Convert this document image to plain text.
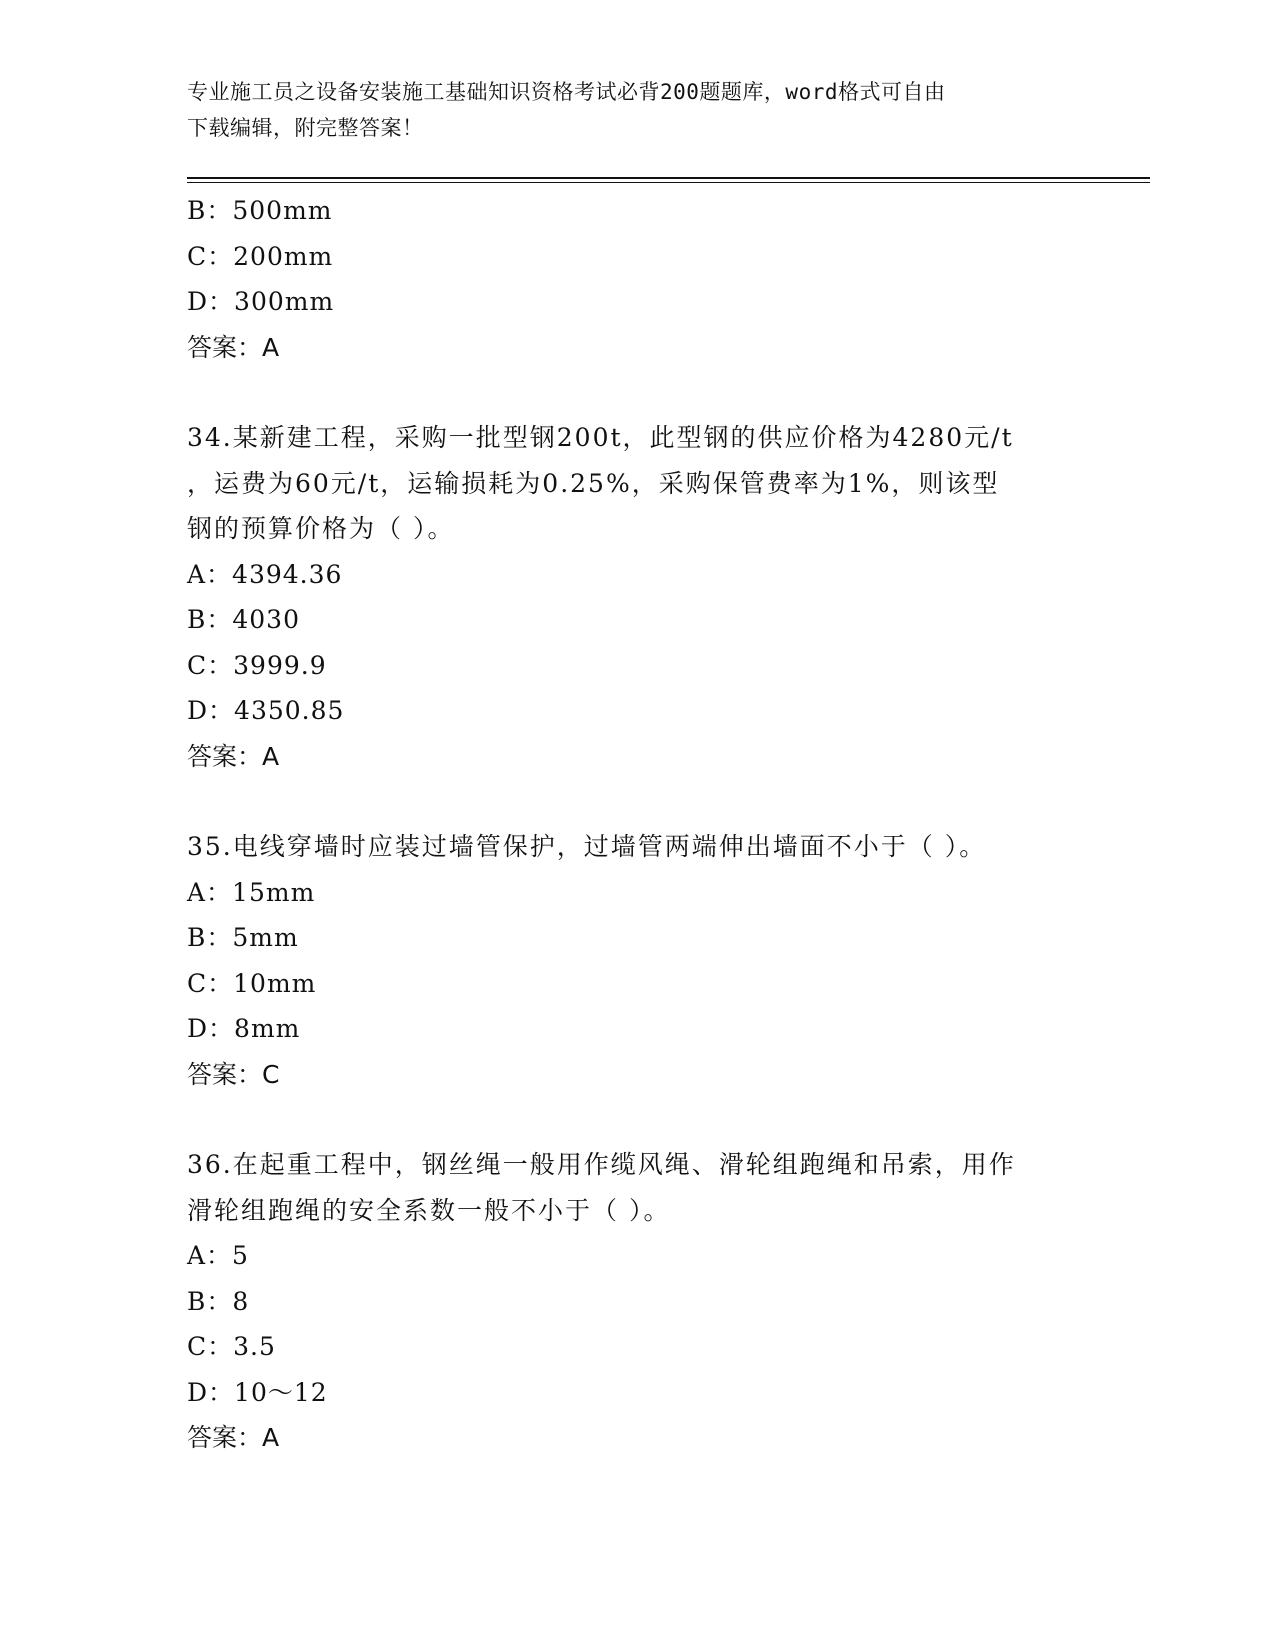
专业施工员之设备安装施工基础知识资格考试必背200题题库，word格式可自由
下载编辑，附完整答案！
B：500mm
C：200mm
D：300mm
答案：A
34.某新建工程，采购一批型钢200t，此型钢的供应价格为4280元/t
，运费为60元/t，运输损耗为0.25%，采购保管费率为1%，则该型
钢的预算价格为（ ）。
A：4394.36
B：4030
C：3999.9
D：4350.85
答案：A
35.电线穿墙时应装过墙管保护，过墙管两端伸出墙面不小于（ ）。
A：15mm
B：5mm
C：10mm
D：8mm
答案：C
36.在起重工程中，钢丝绳一般用作缆风绳、滑轮组跑绳和吊索，用作
滑轮组跑绳的安全系数一般不小于（ ）。
A：5
B：8
C：3.5
D：10～12
答案：A
